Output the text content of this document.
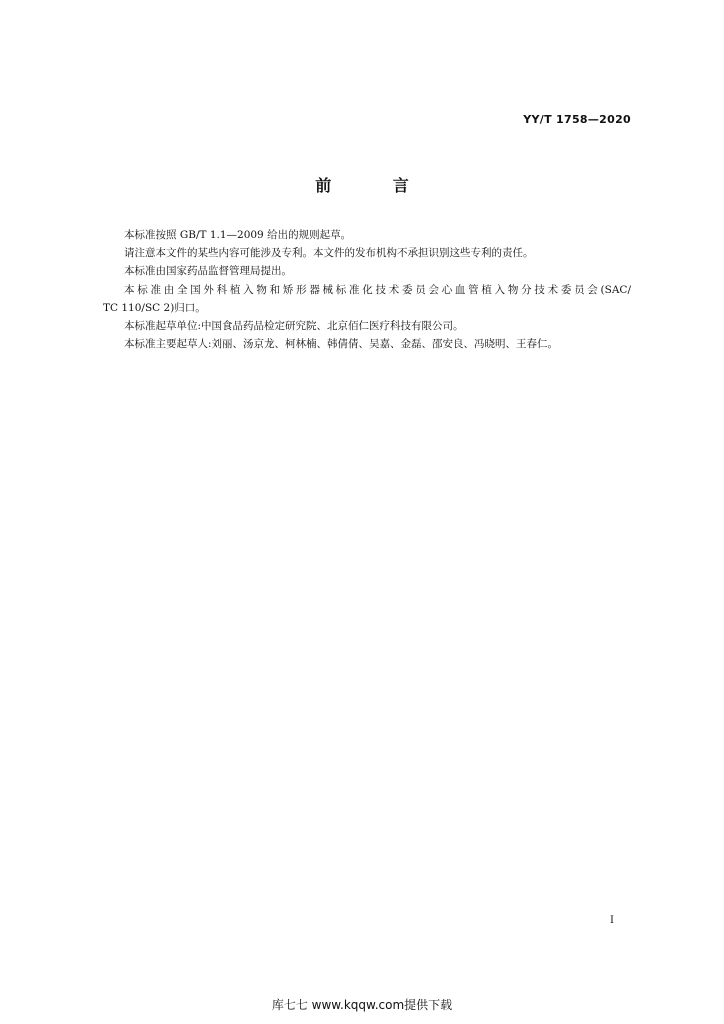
YY/T 1758—2020
前 言

本标准按照 GB/T 1.1—2009 给出的规则起草。

请注意本文件的某些内容可能涉及专利。本文件的发布机构不承担识别这些专利的责任。

本标准由国家药品监督管理局提出。

本标准由全国外科植入物和矫形器械标准化技术委员会心血管植入物分技术委员会(SAC/

TC 110/SC 2)归口。

本标准起草单位:中国食品药品检定研究院、北京佰仁医疗科技有限公司。

本标准主要起草人:刘丽、汤京龙、柯林楠、韩倩倩、吴嘉、金磊、邵安良、冯晓明、王春仁。

I
库七七 www.kqqw.com提供下载
